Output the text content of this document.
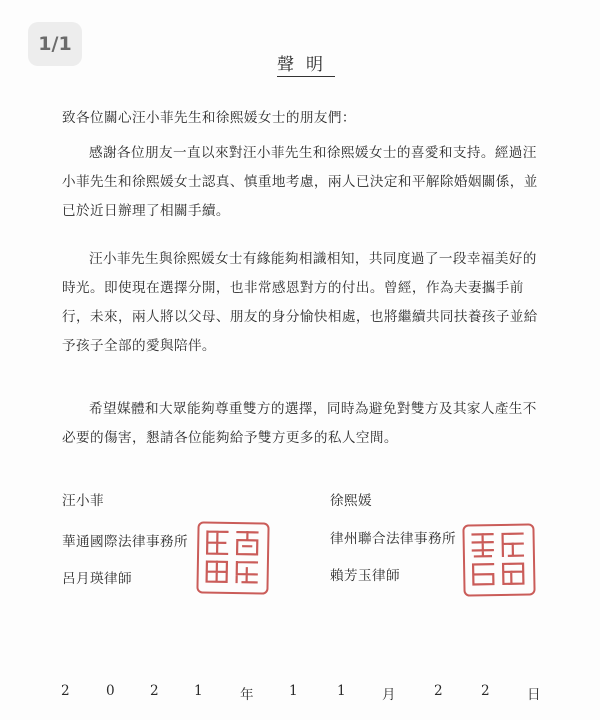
1/1
聲明
致各位關心汪小菲先生和徐熙媛女士的朋友們：

感謝各位朋友一直以來對汪小菲先生和徐熙媛女士的喜愛和支持。經過汪

小菲先生和徐熙媛女士認真、慎重地考慮，兩人已決定和平解除婚姻關係，並
已於近日辦理了相關手續。

汪小菲先生與徐熙媛女士有緣能夠相識相知，共同度過了一段幸福美好的

時光。即使現在選擇分開，也非常感恩對方的付出。曾經，作為夫妻攜手前
行，未來，兩人將以父母、朋友的身分愉快相處，也將繼續共同扶養孩子並給
予孩子全部的愛與陪伴。

希望媒體和大眾能夠尊重雙方的選擇，同時為避免對雙方及其家人產生不

必要的傷害，懇請各位能夠給予雙方更多的私人空間。
汪小菲
華通國際法律事務所
呂月瑛律師
徐熙媛
律州聯合法律事務所
賴芳玉律師
2	0	2	1	年	1	1	月	2	2	日
